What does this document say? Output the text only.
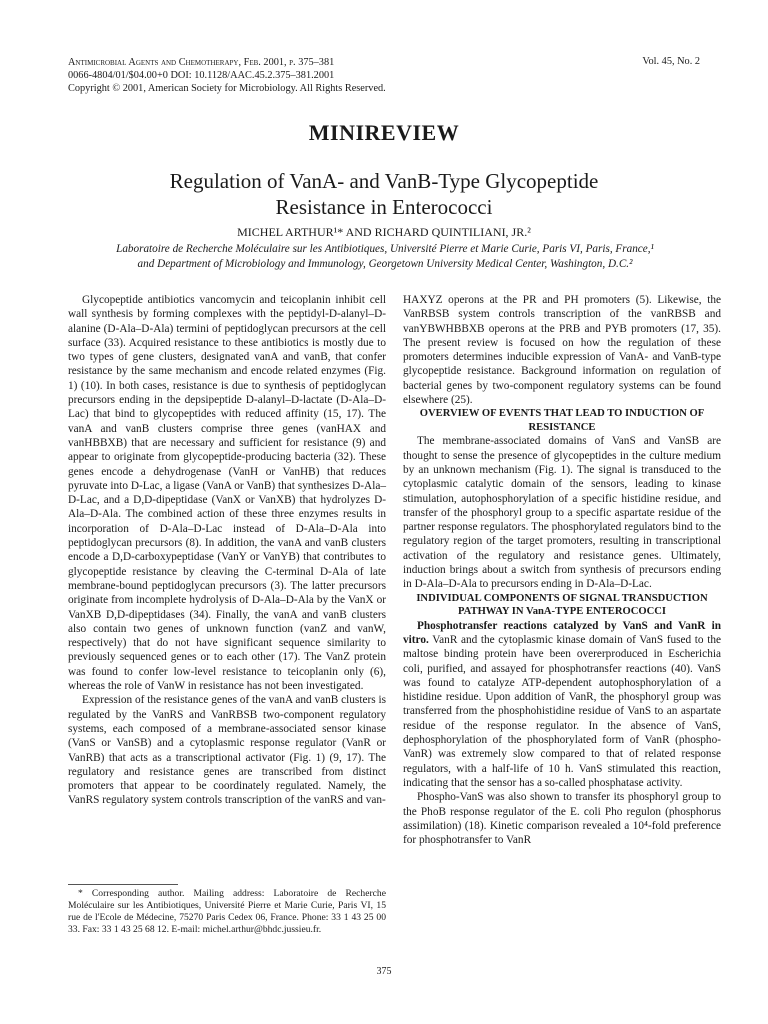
Antimicrobial Agents and Chemotherapy, Feb. 2001, p. 375–381
0066-4804/01/$04.00+0 DOI: 10.1128/AAC.45.2.375–381.2001
Copyright © 2001, American Society for Microbiology. All Rights Reserved.
Vol. 45, No. 2
MINIREVIEW
Regulation of VanA- and VanB-Type Glycopeptide
Resistance in Enterococci
MICHEL ARTHUR¹* AND RICHARD QUINTILIANI, JR.²
Laboratoire de Recherche Moléculaire sur les Antibiotiques, Université Pierre et Marie Curie, Paris VI, Paris, France,¹
and Department of Microbiology and Immunology, Georgetown University Medical Center, Washington, D.C.²

Glycopeptide antibiotics vancomycin and teicoplanin inhibit cell wall synthesis by forming complexes with the peptidyl-D-alanyl–D-alanine (D-Ala–D-Ala) termini of peptidoglycan precursors at the cell surface (33). Acquired resistance to these antibiotics is mostly due to two types of gene clusters, designated vanA and vanB, that confer resistance by the same mechanism and encode related enzymes (Fig. 1) (10). In both cases, resistance is due to synthesis of peptidoglycan precursors ending in the depsipeptide D-alanyl–D-lactate (D-Ala–D-Lac) that bind to glycopeptides with reduced affinity (15, 17). The vanA and vanB clusters comprise three genes (vanHAX and vanHBBXB) that are necessary and sufficient for resistance (9) and appear to originate from glycopeptide-producing bacteria (32). These genes encode a dehydrogenase (VanH or VanHB) that reduces pyruvate into D-Lac, a ligase (VanA or VanB) that synthesizes D-Ala–D-Lac, and a D,D-dipeptidase (VanX or VanXB) that hydrolyzes D-Ala–D-Ala. The combined action of these three enzymes results in incorporation of D-Ala–D-Lac instead of D-Ala–D-Ala into peptidoglycan precursors (8). In addition, the vanA and vanB clusters encode a D,D-carboxypeptidase (VanY or VanYB) that contributes to glycopeptide resistance by cleaving the C-terminal D-Ala of late membrane-bound peptidoglycan precursors (3). The latter precursors originate from incomplete hydrolysis of D-Ala–D-Ala by the VanX or VanXB D,D-dipeptidases (34). Finally, the vanA and vanB clusters also contain two genes of unknown function (vanZ and vanW, respectively) that do not have significant sequence similarity to previously sequenced genes or to each other (17). The VanZ protein was found to confer low-level resistance to teicoplanin only (6), whereas the role of VanW in resistance has not been investigated.

Expression of the resistance genes of the vanA and vanB clusters is regulated by the VanRS and VanRBSB two-component regulatory systems, each composed of a membrane-associated sensor kinase (VanS or VanSB) and a cytoplasmic response regulator (VanR or VanRB) that acts as a transcriptional activator (Fig. 1) (9, 17). The regulatory and resistance genes are transcribed from distinct promoters that appear to be coordinately regulated. Namely, the VanRS regulatory system controls transcription of the vanRS and van-

* Corresponding author. Mailing address: Laboratoire de Recherche Moléculaire sur les Antibiotiques, Université Pierre et Marie Curie, Paris VI, 15 rue de l'Ecole de Médecine, 75270 Paris Cedex 06, France. Phone: 33 1 43 25 00 33. Fax: 33 1 43 25 68 12. E-mail: michel.arthur@bhdc.jussieu.fr.

HAXYZ operons at the PR and PH promoters (5). Likewise, the VanRBSB system controls transcription of the vanRBSB and vanYBWHBBXB operons at the PRB and PYB promoters (17, 35). The present review is focused on how the regulation of these promoters determines inducible expression of VanA- and VanB-type glycopeptide resistance. Background information on regulation of bacterial genes by two-component regulatory systems can be found elsewhere (25).

OVERVIEW OF EVENTS THAT LEAD TO INDUCTION OF RESISTANCE

The membrane-associated domains of VanS and VanSB are thought to sense the presence of glycopeptides in the culture medium by an unknown mechanism (Fig. 1). The signal is transduced to the cytoplasmic catalytic domain of the sensors, leading to kinase stimulation, autophosphorylation of a specific histidine residue, and transfer of the phosphoryl group to a specific aspartate residue of the partner response regulators. The phosphorylated regulators bind to the regulatory region of the target promoters, resulting in transcriptional activation of the regulatory and resistance genes. Ultimately, induction brings about a switch from synthesis of precursors ending in D-Ala–D-Ala to precursors ending in D-Ala–D-Lac.

INDIVIDUAL COMPONENTS OF SIGNAL TRANSDUCTION PATHWAY IN VanA-TYPE ENTEROCOCCI

Phosphotransfer reactions catalyzed by VanS and VanR in vitro. VanR and the cytoplasmic kinase domain of VanS fused to the maltose binding protein have been overerproduced in Escherichia coli, purified, and assayed for phosphotransfer reactions (40). VanS was found to catalyze ATP-dependent autophosphorylation of a histidine residue. Upon addition of VanR, the phosphoryl group was transferred from the phosphohistidine residue of VanS to an aspartate residue of the response regulator. In the absence of VanS, dephosphorylation of the phosphorylated form of VanR (phospho-VanR) was extremely slow compared to that of related response regulators, with a half-life of 10 h. VanS stimulated this reaction, indicating that the sensor has a so-called phosphatase activity.

Phospho-VanS was also shown to transfer its phosphoryl group to the PhoB response regulator of the E. coli Pho regulon (phosphorus assimilation) (18). Kinetic comparison revealed a 10⁴-fold preference for phosphotransfer to VanR

375
